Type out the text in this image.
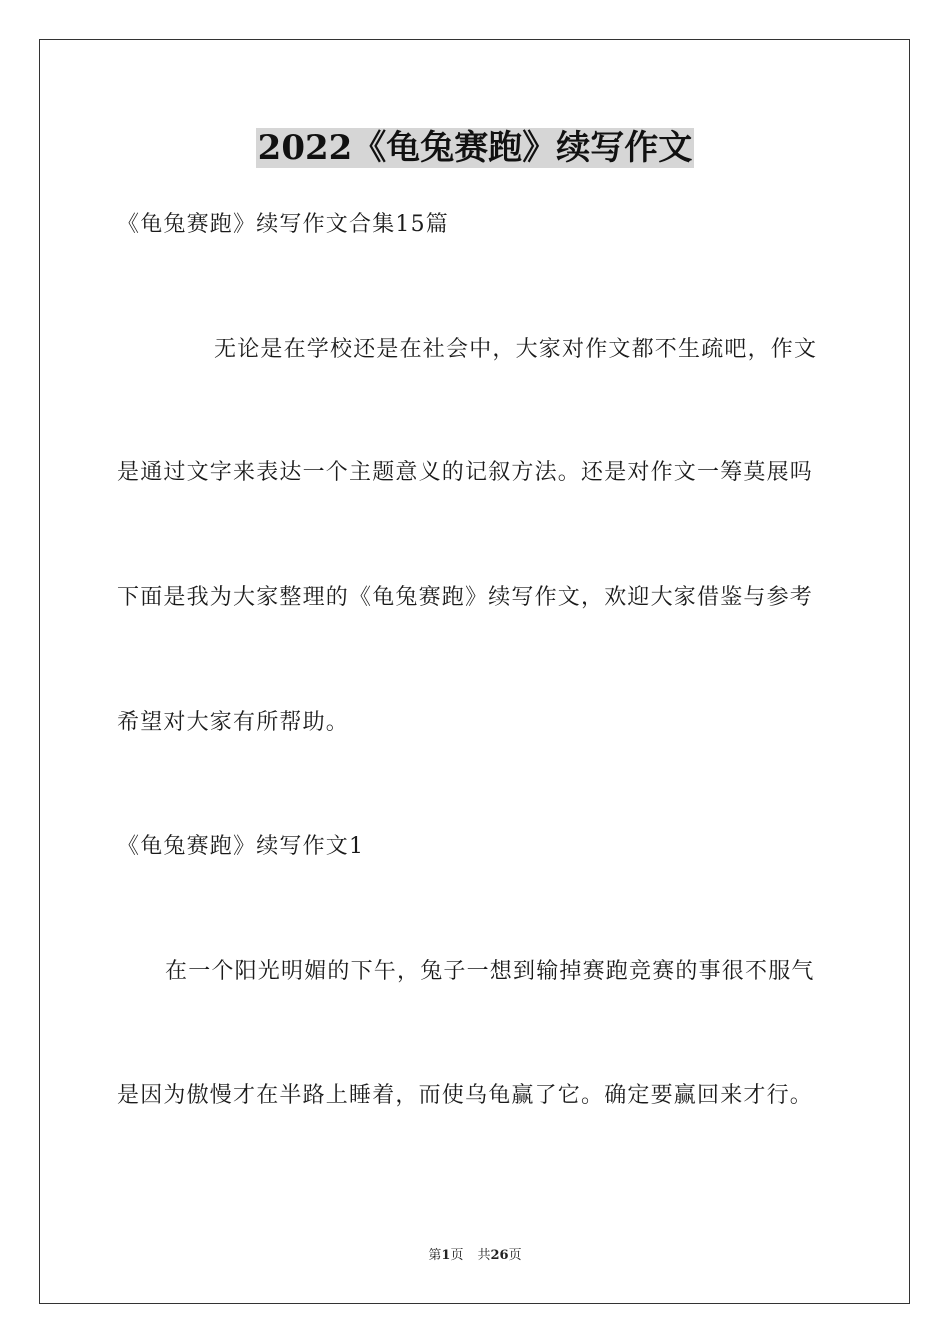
2022《龟兔赛跑》续写作文
《龟兔赛跑》续写作文合集15篇
无论是在学校还是在社会中，大家对作文都不生疏吧，作文
是通过文字来表达一个主题意义的记叙方法。还是对作文一筹莫展吗
下面是我为大家整理的《龟兔赛跑》续写作文，欢迎大家借鉴与参考
希望对大家有所帮助。
《龟兔赛跑》续写作文1
在一个阳光明媚的下午，兔子一想到输掉赛跑竞赛的事很不服气
是因为傲慢才在半路上睡着，而使乌龟赢了它。确定要赢回来才行。
第1页 共26页
